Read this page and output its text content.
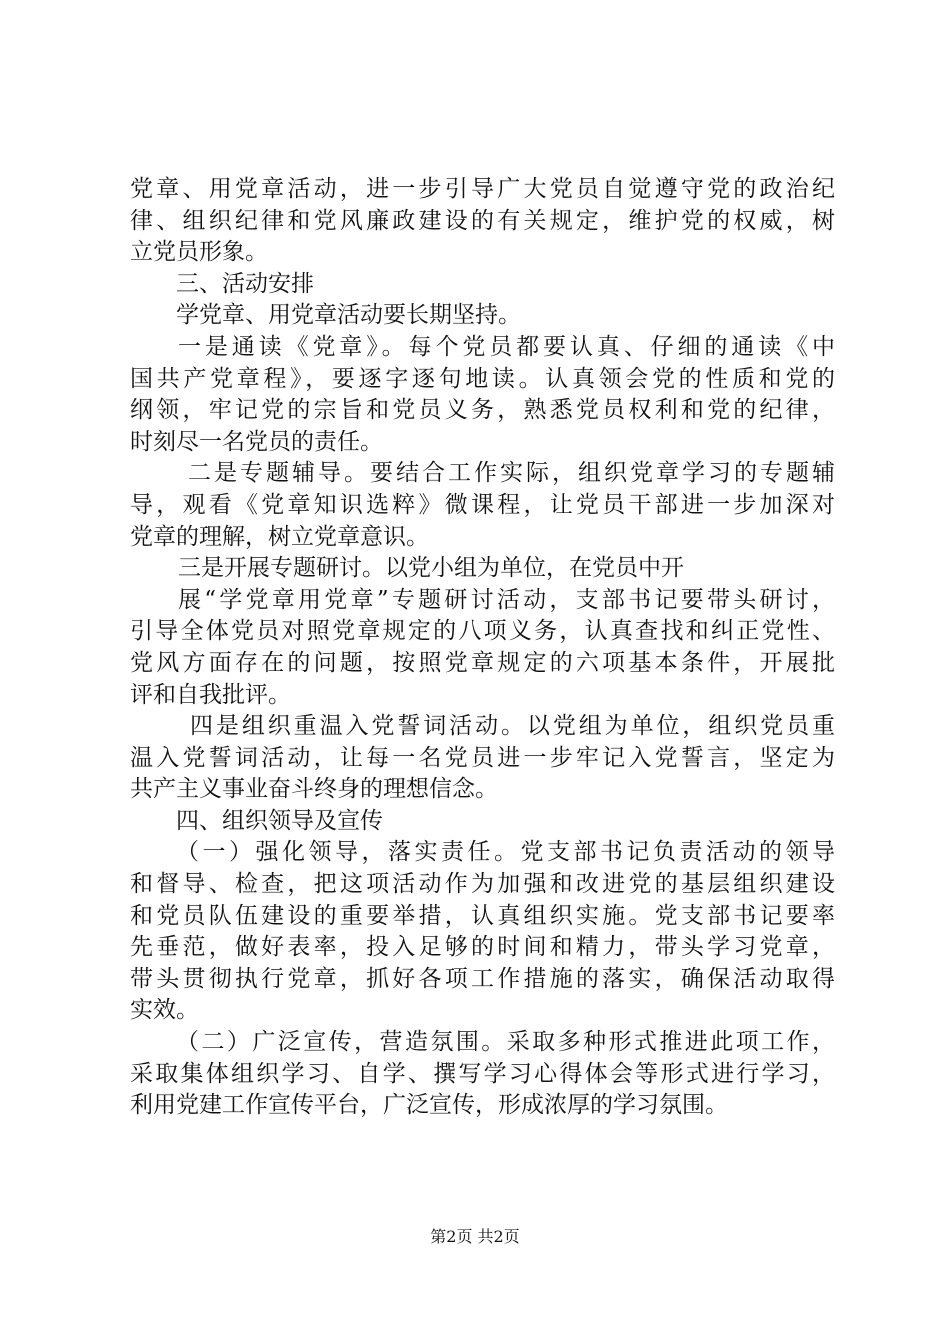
党章、用党章活动，进一步引导广大党员自觉遵守党的政治纪
律、组织纪律和党风廉政建设的有关规定，维护党的权威，树
立党员形象。
三、活动安排
学党章、用党章活动要长期坚持。
一是通读《党章》。每个党员都要认真、仔细的通读《中
国共产党章程》，要逐字逐句地读。认真领会党的性质和党的
纲领，牢记党的宗旨和党员义务，熟悉党员权利和党的纪律，
时刻尽一名党员的责任。
二是专题辅导。要结合工作实际，组织党章学习的专题辅
导，观看《党章知识选粹》微课程，让党员干部进一步加深对
党章的理解，树立党章意识。
三是开展专题研讨。以党小组为单位，在党员中开
展“学党章用党章”专题研讨活动，支部书记要带头研讨，
引导全体党员对照党章规定的八项义务，认真查找和纠正党性、
党风方面存在的问题，按照党章规定的六项基本条件，开展批
评和自我批评。
四是组织重温入党誓词活动。以党组为单位，组织党员重
温入党誓词活动，让每一名党员进一步牢记入党誓言，坚定为
共产主义事业奋斗终身的理想信念。
四、组织领导及宣传
（一）强化领导，落实责任。党支部书记负责活动的领导
和督导、检查，把这项活动作为加强和改进党的基层组织建设
和党员队伍建设的重要举措，认真组织实施。党支部书记要率
先垂范，做好表率，投入足够的时间和精力，带头学习党章，
带头贯彻执行党章，抓好各项工作措施的落实，确保活动取得
实效。
（二）广泛宣传，营造氛围。采取多种形式推进此项工作，
采取集体组织学习、自学、撰写学习心得体会等形式进行学习，
利用党建工作宣传平台，广泛宣传，形成浓厚的学习氛围。
第2页 共2页
